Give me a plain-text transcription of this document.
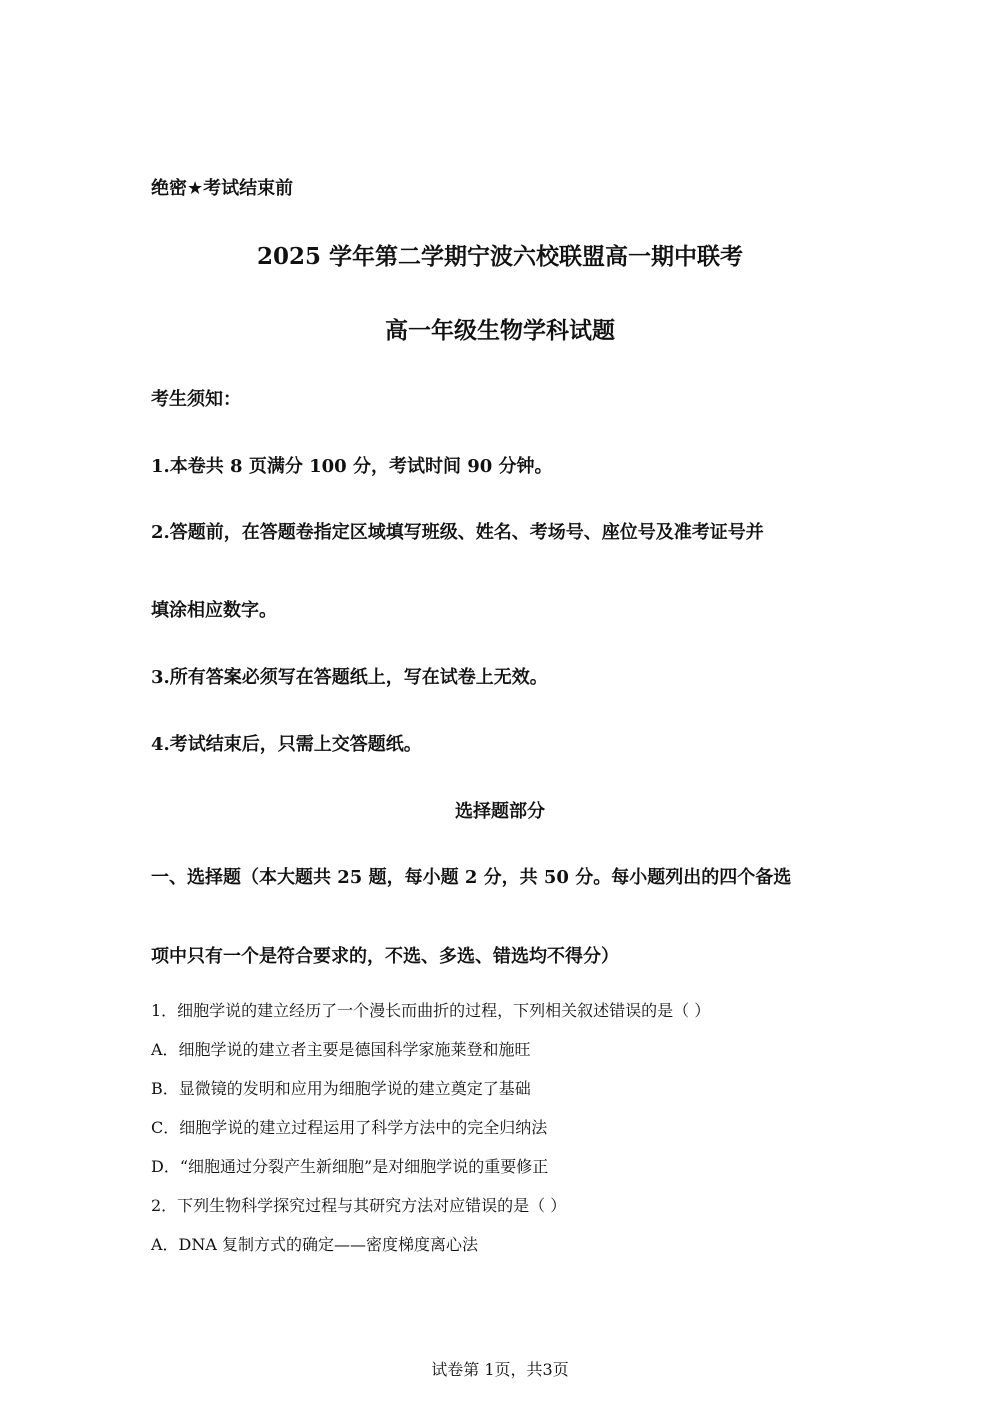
绝密★考试结束前
2025 学年第二学期宁波六校联盟高一期中联考
高一年级生物学科试题
考生须知：
1.本卷共 8 页满分 100 分，考试时间 90 分钟。
2.答题前，在答题卷指定区域填写班级、姓名、考场号、座位号及准考证号并
填涂相应数字。
3.所有答案必须写在答题纸上，写在试卷上无效。
4.考试结束后，只需上交答题纸。
选择题部分
一、选择题（本大题共 25 题，每小题 2 分，共 50 分。每小题列出的四个备选
项中只有一个是符合要求的，不选、多选、错选均不得分）
1．细胞学说的建立经历了一个漫长而曲折的过程，下列相关叙述错误的是（ ）
A．细胞学说的建立者主要是德国科学家施莱登和施旺
B．显微镜的发明和应用为细胞学说的建立奠定了基础
C．细胞学说的建立过程运用了科学方法中的完全归纳法
D．“细胞通过分裂产生新细胞”是对细胞学说的重要修正
2．下列生物科学探究过程与其研究方法对应错误的是（ ）
A．DNA 复制方式的确定——密度梯度离心法
试卷第 1页，共3页
